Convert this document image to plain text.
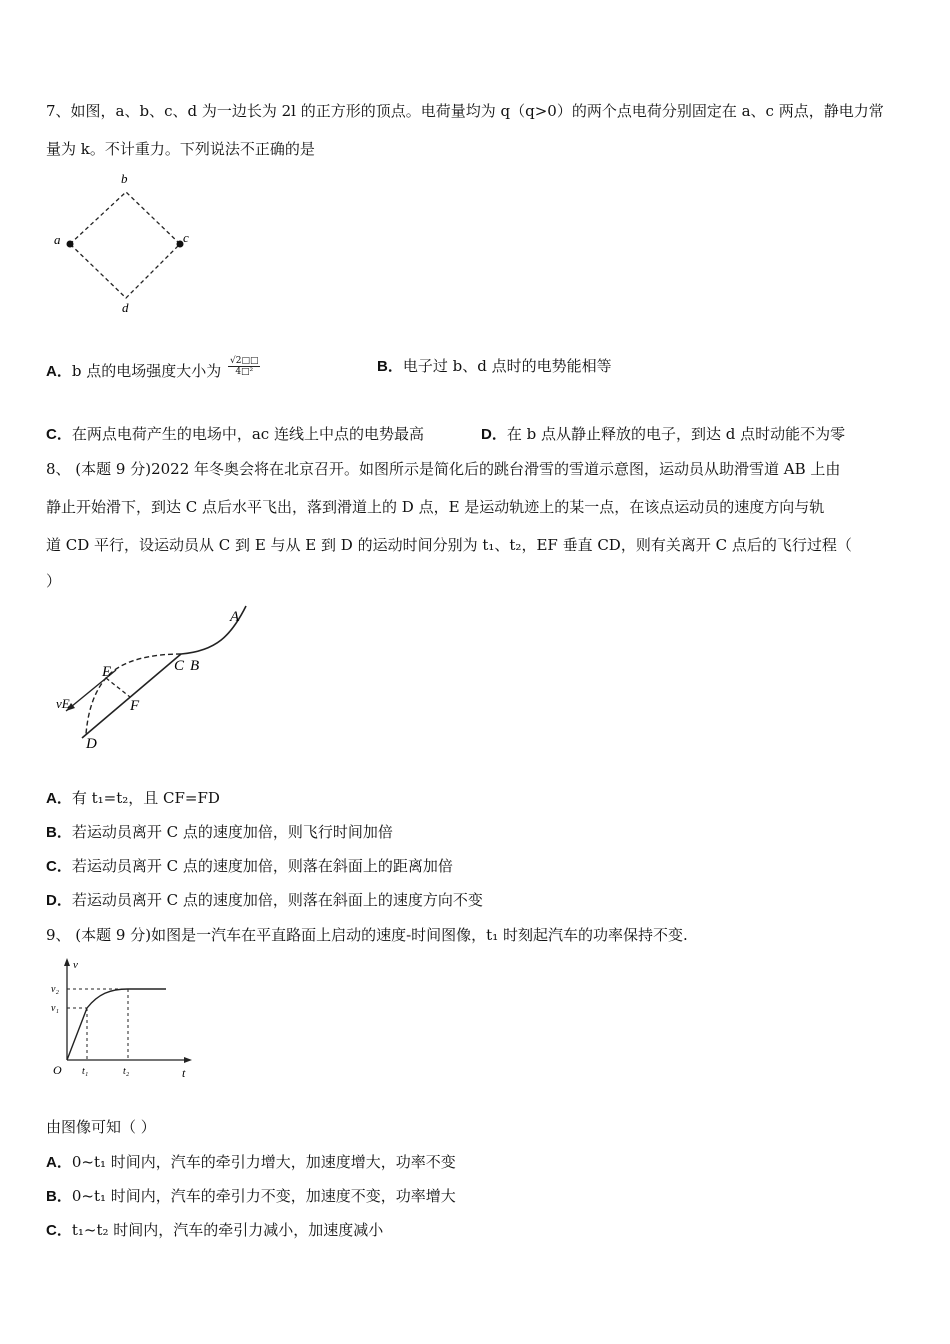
7、如图，a、b、c、d 为一边长为 2l 的正方形的顶点。电荷量均为 q（q>0）的两个点电荷分别固定在 a、c 两点，静电力常
量为 k。不计重力。下列说法不正确的是
a
b
c
d
A．b 点的电场强度大小为 $\frac{√2□□}{\text{4□²}}$	B．电子过 b、d 点时的电势能相等
C．在两点电荷产生的电场中，ac 连线上中点的电势最高	D．在 b 点从静止释放的电子，到达 d 点时动能不为零
8、 (本题 9 分)2022 年冬奥会将在北京召开。如图所示是简化后的跳台滑雪的雪道示意图，运动员从助滑雪道 AB 上由
静止开始滑下，到达 C 点后水平飞出，落到滑道上的 D 点，E 是运动轨迹上的某一点，在该点运动员的速度方向与轨
道 CD 平行，设运动员从 C 到 E 与从 E 到 D 的运动时间分别为 t₁、t₂，EF 垂直 CD，则有关离开 C 点后的飞行过程（
）
A
C B
E
F
D
vE
A．有 t₁=t₂，且 CF=FD
B．若运动员离开 C 点的速度加倍，则飞行时间加倍
C．若运动员离开 C 点的速度加倍，则落在斜面上的距离加倍
D．若运动员离开 C 点的速度加倍，则落在斜面上的速度方向不变
9、 (本题 9 分)如图是一汽车在平直路面上启动的速度-时间图像，t₁ 时刻起汽车的功率保持不变.
v
v₂
v₁
O t₁	t₂	t
由图像可知（ ）
A．0~t₁ 时间内，汽车的牵引力增大，加速度增大，功率不变
B．0~t₁ 时间内，汽车的牵引力不变，加速度不变，功率增大
C．t₁~t₂ 时间内，汽车的牵引力减小，加速度减小
